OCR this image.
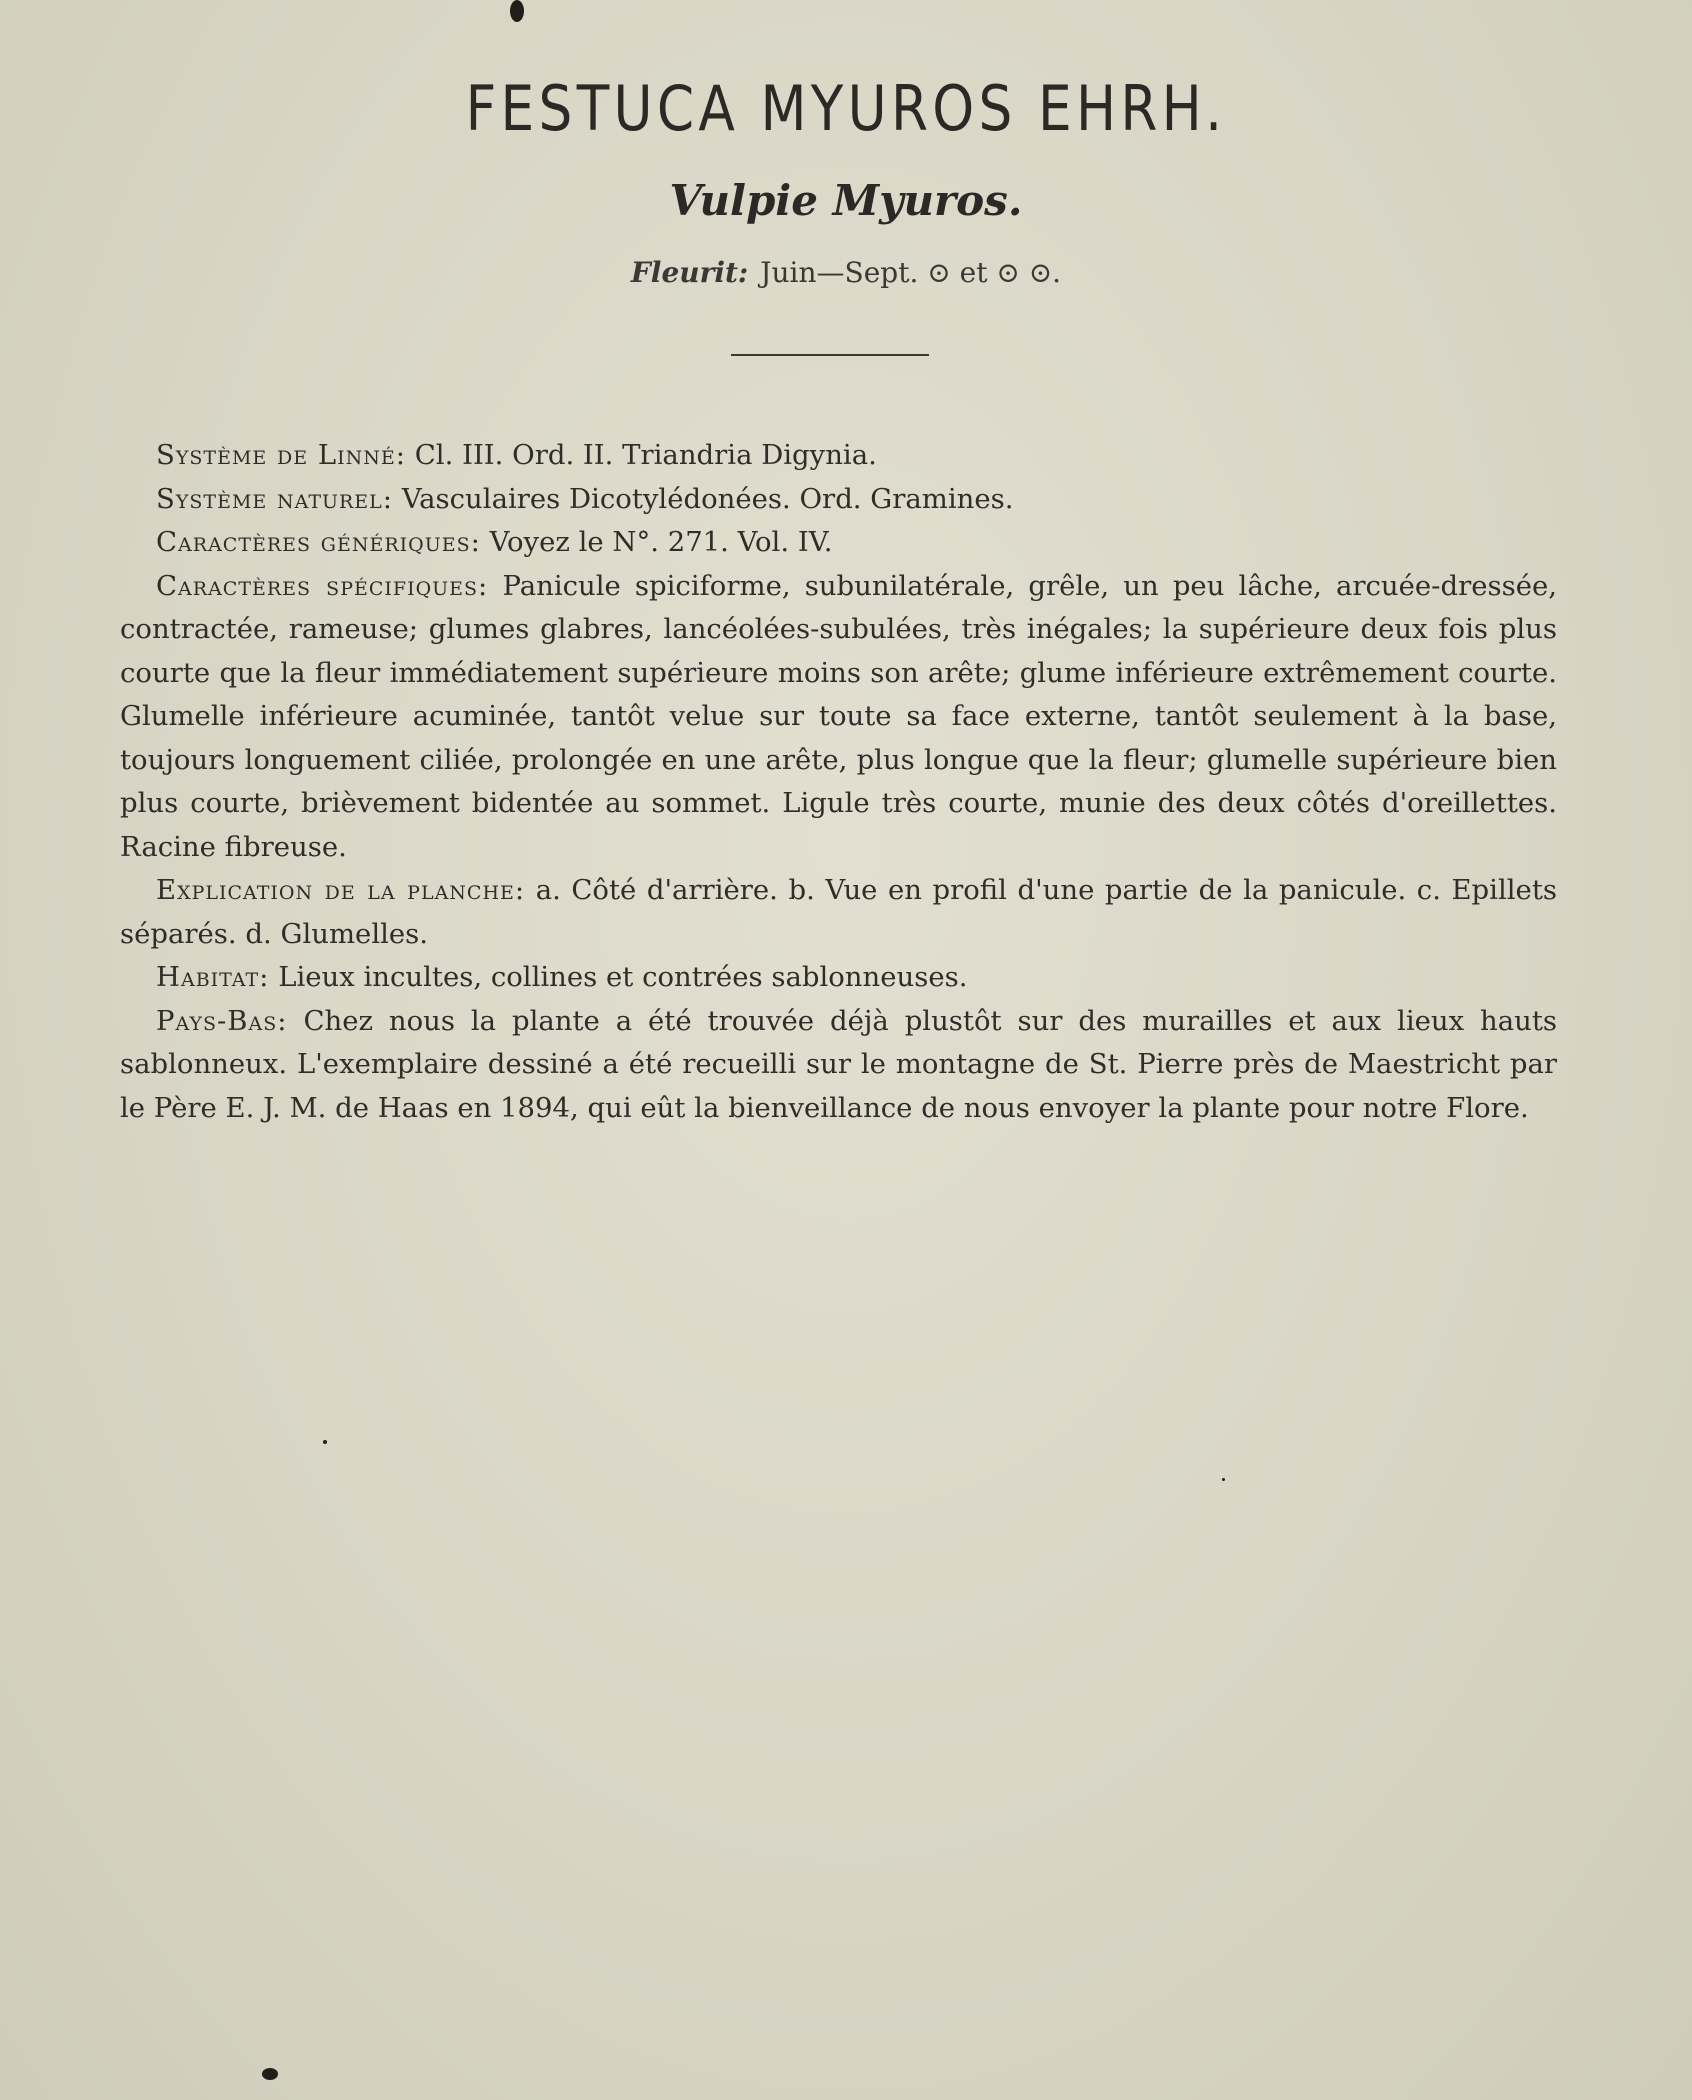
FESTUCA MYUROS EHRH.
Vulpie Myuros.
Fleurit: Juin—Sept. ⊙ et ⊙ ⊙.

Système de Linné: Cl. III. Ord. II. Triandria Digynia.

Système naturel: Vasculaires Dicotylédonées. Ord. Gramines.

Caractères génériques: Voyez le N°. 271. Vol. IV.

Caractères spécifiques: Panicule spiciforme, subunilatérale, grêle, un peu lâche, arcuée-dressée, contractée, rameuse; glumes glabres, lancéolées-subulées, très inégales; la supérieure deux fois plus courte que la fleur immédiatement supérieure moins son arête; glume inférieure extrêmement courte. Glumelle inférieure acuminée, tantôt velue sur toute sa face externe, tantôt seulement à la base, toujours longuement ciliée, prolongée en une arête, plus longue que la fleur; glumelle supérieure bien plus courte, brièvement bidentée au sommet. Ligule très courte, munie des deux côtés d'oreillettes. Racine fibreuse.

Explication de la planche: a. Côté d'arrière. b. Vue en profil d'une partie de la panicule. c. Epillets séparés. d. Glumelles.

Habitat: Lieux incultes, collines et contrées sablonneuses.

Pays-Bas: Chez nous la plante a été trouvée déjà plustôt sur des murailles et aux lieux hauts sablonneux. L'exemplaire dessiné a été recueilli sur le montagne de St. Pierre près de Maestricht par le Père E. J. M. de Haas en 1894, qui eût la bienveillance de nous envoyer la plante pour notre Flore.
